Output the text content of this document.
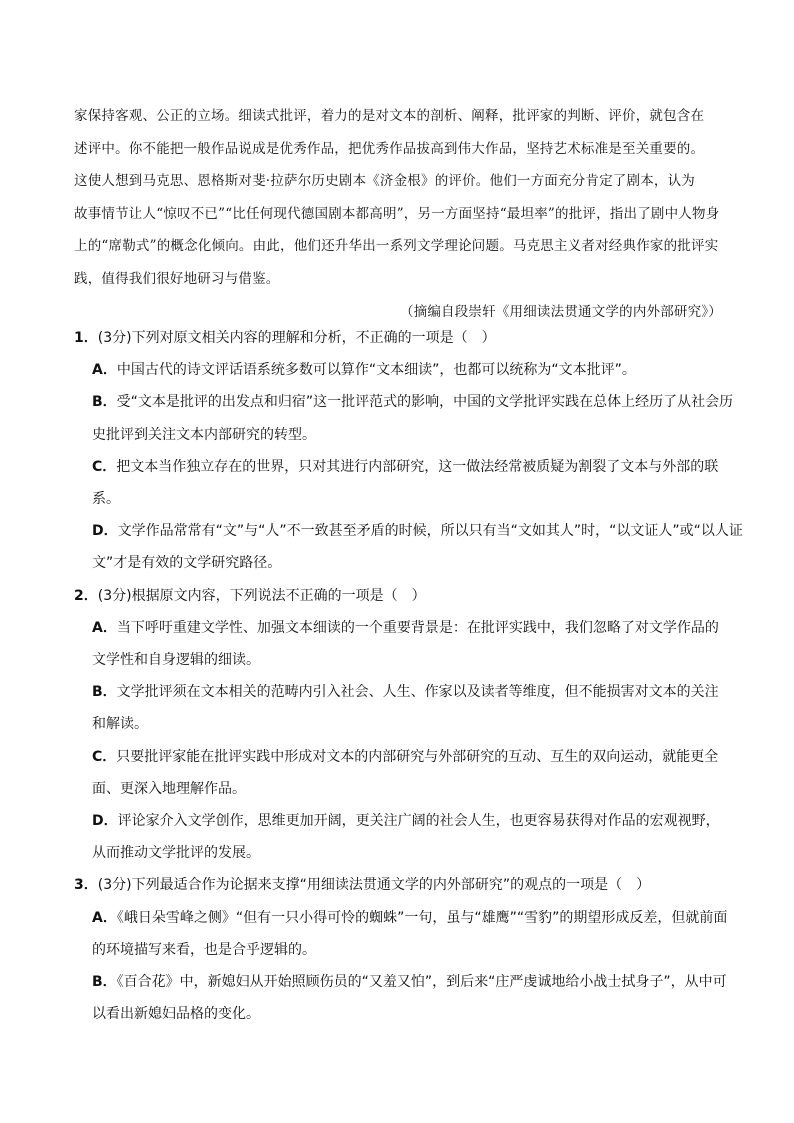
家保持客观、公正的立场。细读式批评，着力的是对文本的剖析、阐释，批评家的判断、评价，就包含在

述评中。你不能把一般作品说成是优秀作品，把优秀作品拔高到伟大作品，坚持艺术标准是至关重要的。

这使人想到马克思、恩格斯对斐·拉萨尔历史剧本《济金根》的评价。他们一方面充分肯定了剧本，认为

故事情节让人“惊叹不已”“比任何现代德国剧本都高明”，另一方面坚持“最坦率”的批评，指出了剧中人物身

上的“席勒式”的概念化倾向。由此，他们还升华出一系列文学理论问题。马克思主义者对经典作家的批评实

践，值得我们很好地研习与借鉴。

（摘编自段崇轩《用细读法贯通文学的内外部研究》）

1．(3分)下列对原文相关内容的理解和分析，不正确的一项是（　）

A．中国古代的诗文评话语系统多数可以算作“文本细读”，也都可以统称为“文本批评”。

B．受“文本是批评的出发点和归宿”这一批评范式的影响，中国的文学批评实践在总体上经历了从社会历

史批评到关注文本内部研究的转型。

C．把文本当作独立存在的世界，只对其进行内部研究，这一做法经常被质疑为割裂了文本与外部的联

系。

D．文学作品常常有“文”与“人”不一致甚至矛盾的时候，所以只有当“文如其人”时，“以文证人”或“以人证

文”才是有效的文学研究路径。

2．(3分)根据原文内容，下列说法不正确的一项是（　）

A．当下呼吁重建文学性、加强文本细读的一个重要背景是：在批评实践中，我们忽略了对文学作品的

文学性和自身逻辑的细读。

B．文学批评须在文本相关的范畴内引入社会、人生、作家以及读者等维度，但不能损害对文本的关注

和解读。

C．只要批评家能在批评实践中形成对文本的内部研究与外部研究的互动、互生的双向运动，就能更全

面、更深入地理解作品。

D．评论家介入文学创作，思维更加开阔，更关注广阔的社会人生，也更容易获得对作品的宏观视野，

从而推动文学批评的发展。

3．(3分)下列最适合作为论据来支撑“用细读法贯通文学的内外部研究”的观点的一项是（　）

A．《峨日朵雪峰之侧》“但有一只小得可怜的蜘蛛”一句，虽与“雄鹰”“雪豹”的期望形成反差，但就前面

的环境描写来看，也是合乎逻辑的。

B．《百合花》中，新媳妇从开始照顾伤员的“又羞又怕”，到后来“庄严虔诚地给小战士拭身子”，从中可

以看出新媳妇品格的变化。
